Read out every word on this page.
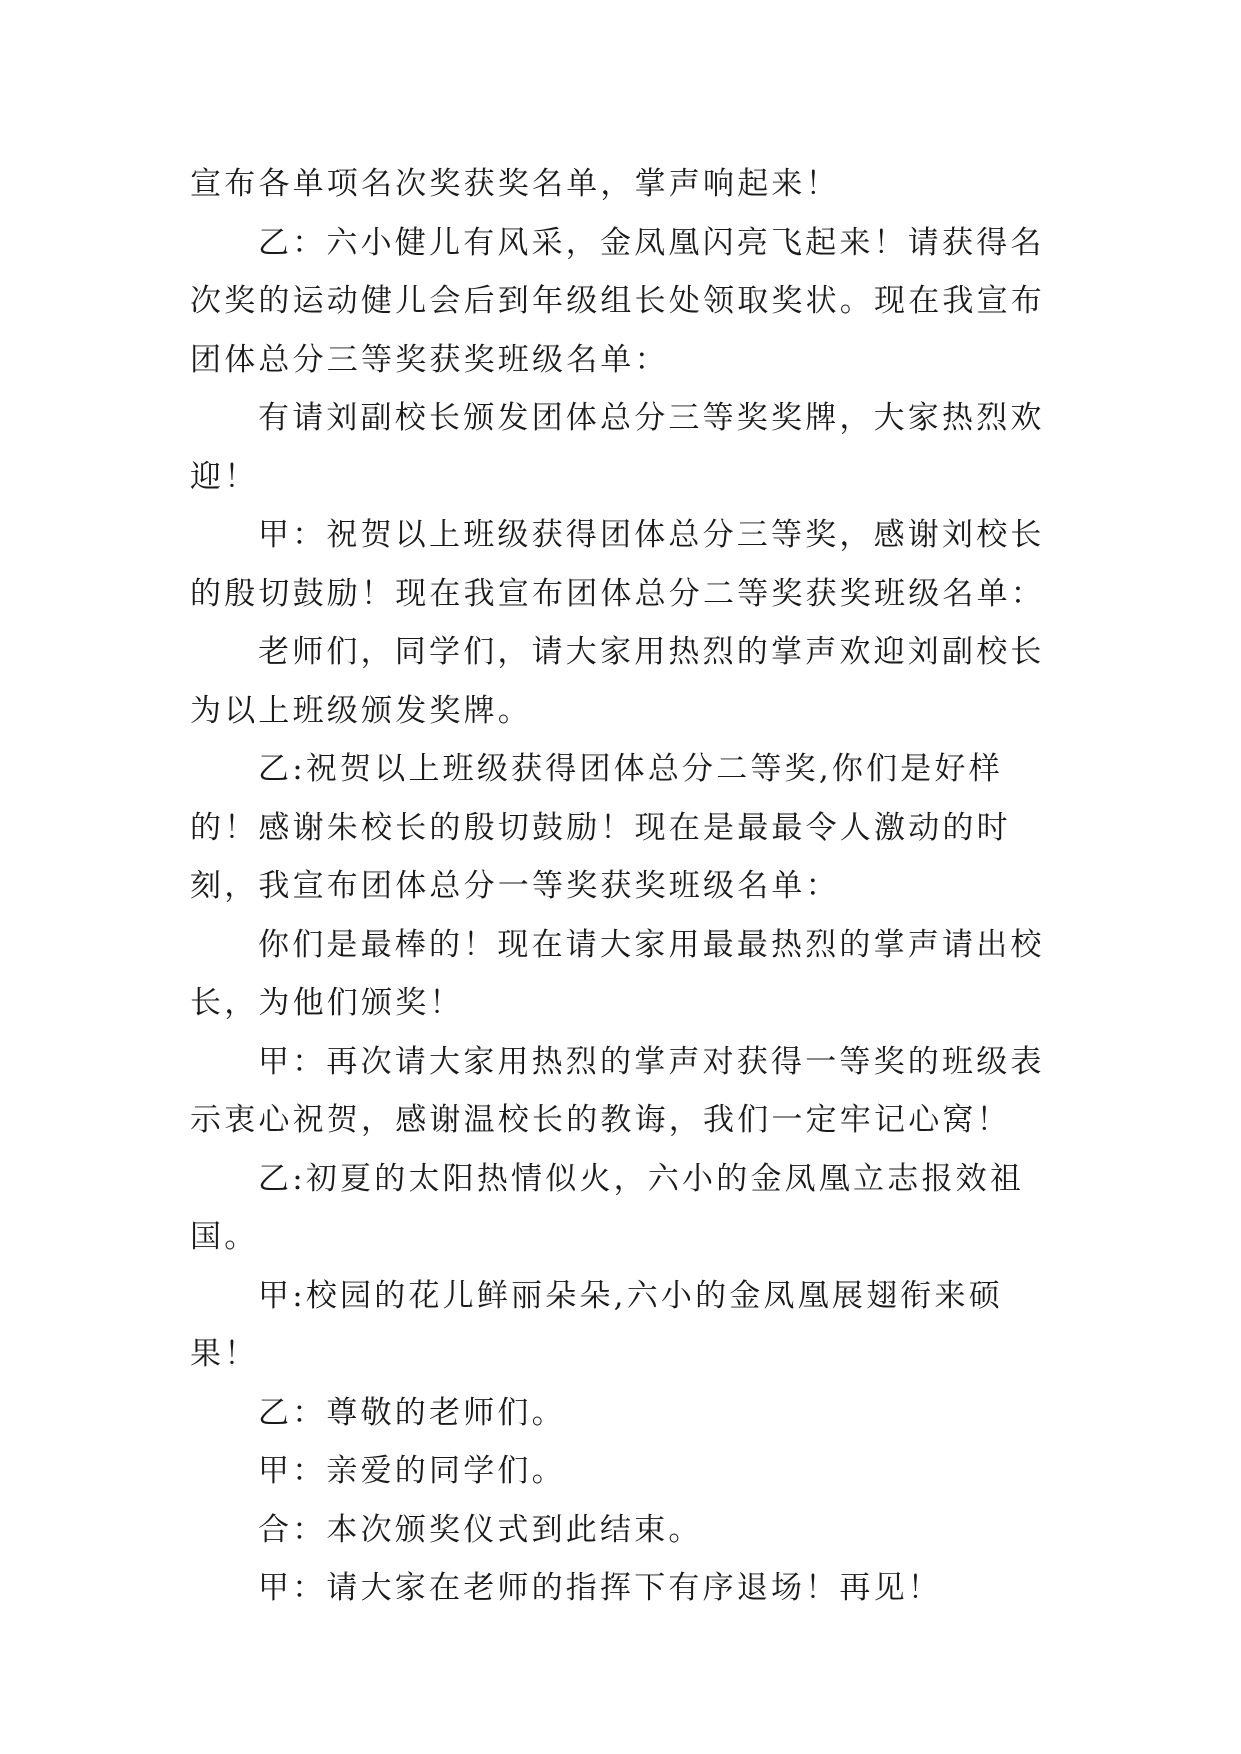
宣布各单项名次奖获奖名单，掌声响起来！

乙：六小健儿有风采，金凤凰闪亮飞起来！请获得名次奖的运动健儿会后到年级组长处领取奖状。现在我宣布团体总分三等奖获奖班级名单：

有请刘副校长颁发团体总分三等奖奖牌，大家热烈欢迎！

甲：祝贺以上班级获得团体总分三等奖，感谢刘校长的殷切鼓励！现在我宣布团体总分二等奖获奖班级名单：

老师们，同学们，请大家用热烈的掌声欢迎刘副校长为以上班级颁发奖牌。

乙:祝贺以上班级获得团体总分二等奖,你们是好样的！感谢朱校长的殷切鼓励！现在是最最令人激动的时刻，我宣布团体总分一等奖获奖班级名单：

你们是最棒的！现在请大家用最最热烈的掌声请出校长，为他们颁奖！

甲：再次请大家用热烈的掌声对获得一等奖的班级表示衷心祝贺，感谢温校长的教诲，我们一定牢记心窝！

乙:初夏的太阳热情似火，六小的金凤凰立志报效祖国。

甲:校园的花儿鲜丽朵朵,六小的金凤凰展翅衔来硕果！

乙：尊敬的老师们。

甲：亲爱的同学们。

合：本次颁奖仪式到此结束。

甲：请大家在老师的指挥下有序退场！再见！
